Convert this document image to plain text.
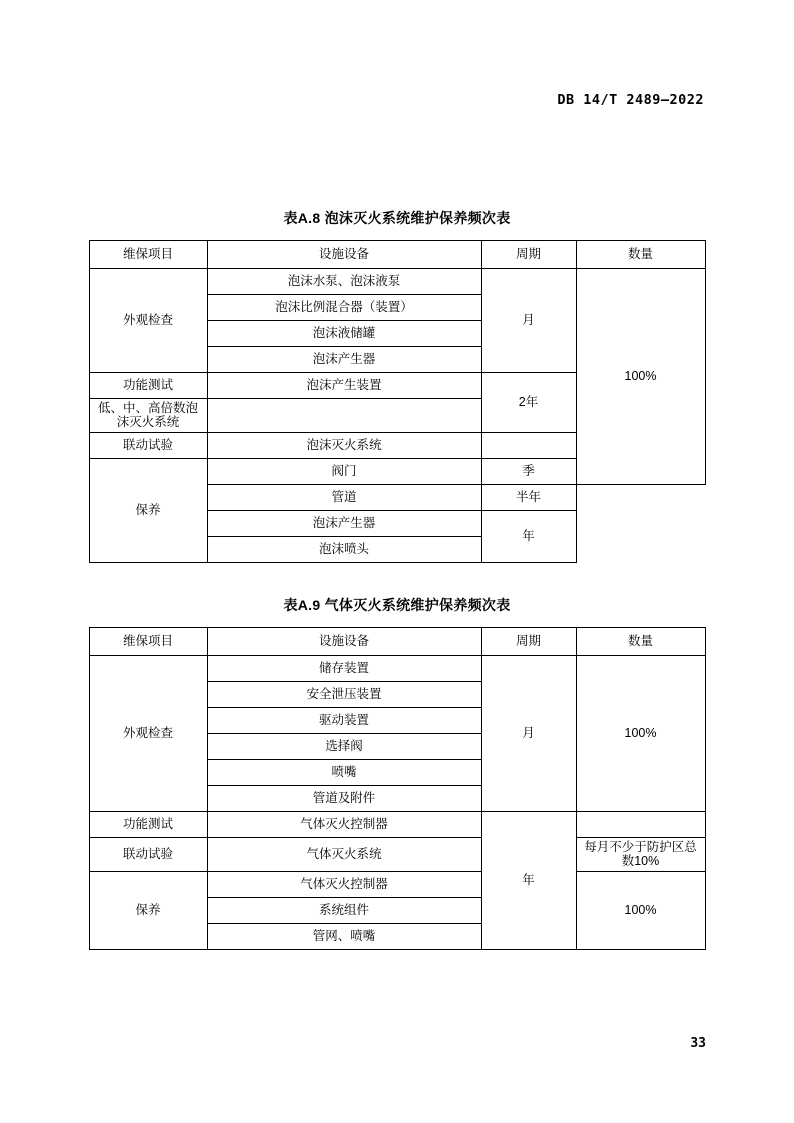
DB 14/T 2489—2022
表A.8 泡沫灭火系统维护保养频次表
维保项目	设施设备	周期	数量
外观检查	泡沫水泵、泡沫液泵	月	100%
	泡沫比例混合器（装置）		
	泡沫液储罐		
	泡沫产生器		
功能测试	泡沫产生装置	2年	
低、中、高倍数泡沫灭火系统			
联动试验	泡沫灭火系统		
保养	阀门	季	
	管道	半年	
	泡沫产生器	年	
	泡沫喷头		
表A.9 气体灭火系统维护保养频次表
维保项目	设施设备	周期	数量
外观检查	储存装置	月	100%
	安全泄压装置		
	驱动装置		
	选择阀		
	喷嘴		
	管道及附件		
功能测试	气体灭火控制器	年	
联动试验	气体灭火系统		每月不少于防护区总数10%
保养	气体灭火控制器		100%
	系统组件		
	管网、喷嘴		
33
